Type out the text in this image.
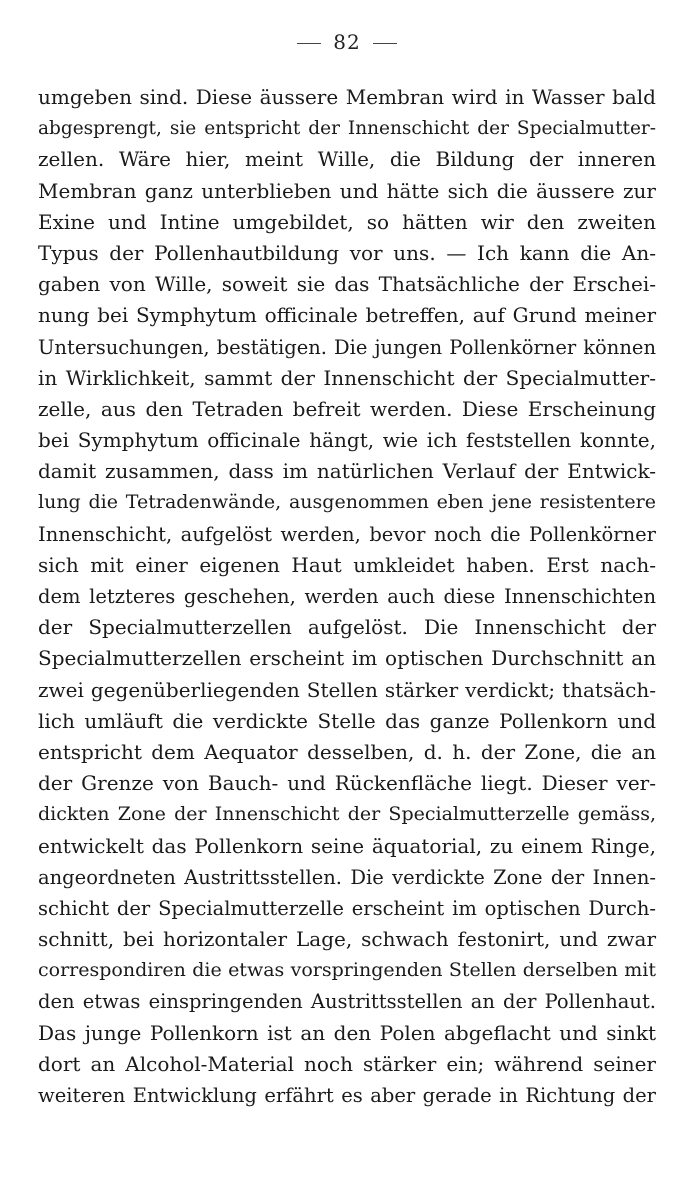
82
umgeben sind. Diese äussere Membran wird in Wasser bald
abgesprengt, sie entspricht der Innenschicht der Specialmutter-
zellen. Wäre hier, meint Wille, die Bildung der inneren
Membran ganz unterblieben und hätte sich die äussere zur
Exine und Intine umgebildet, so hätten wir den zweiten
Typus der Pollenhautbildung vor uns. — Ich kann die An-
gaben von Wille, soweit sie das Thatsächliche der Erschei-
nung bei Symphytum officinale betreffen, auf Grund meiner
Untersuchungen, bestätigen. Die jungen Pollenkörner können
in Wirklichkeit, sammt der Innenschicht der Specialmutter-
zelle, aus den Tetraden befreit werden. Diese Erscheinung
bei Symphytum officinale hängt, wie ich feststellen konnte,
damit zusammen, dass im natürlichen Verlauf der Entwick-
lung die Tetradenwände, ausgenommen eben jene resistentere
Innenschicht, aufgelöst werden, bevor noch die Pollenkörner
sich mit einer eigenen Haut umkleidet haben. Erst nach-
dem letzteres geschehen, werden auch diese Innenschichten
der Specialmutterzellen aufgelöst. Die Innenschicht der
Specialmutterzellen erscheint im optischen Durchschnitt an
zwei gegenüberliegenden Stellen stärker verdickt; thatsäch-
lich umläuft die verdickte Stelle das ganze Pollenkorn und
entspricht dem Aequator desselben, d. h. der Zone, die an
der Grenze von Bauch- und Rückenfläche liegt. Dieser ver-
dickten Zone der Innenschicht der Specialmutterzelle gemäss,
entwickelt das Pollenkorn seine äquatorial, zu einem Ringe,
angeordneten Austrittsstellen. Die verdickte Zone der Innen-
schicht der Specialmutterzelle erscheint im optischen Durch-
schnitt, bei horizontaler Lage, schwach festonirt, und zwar
correspondiren die etwas vorspringenden Stellen derselben mit
den etwas einspringenden Austrittsstellen an der Pollenhaut.
Das junge Pollenkorn ist an den Polen abgeflacht und sinkt
dort an Alcohol-Material noch stärker ein; während seiner
weiteren Entwicklung erfährt es aber gerade in Richtung der
